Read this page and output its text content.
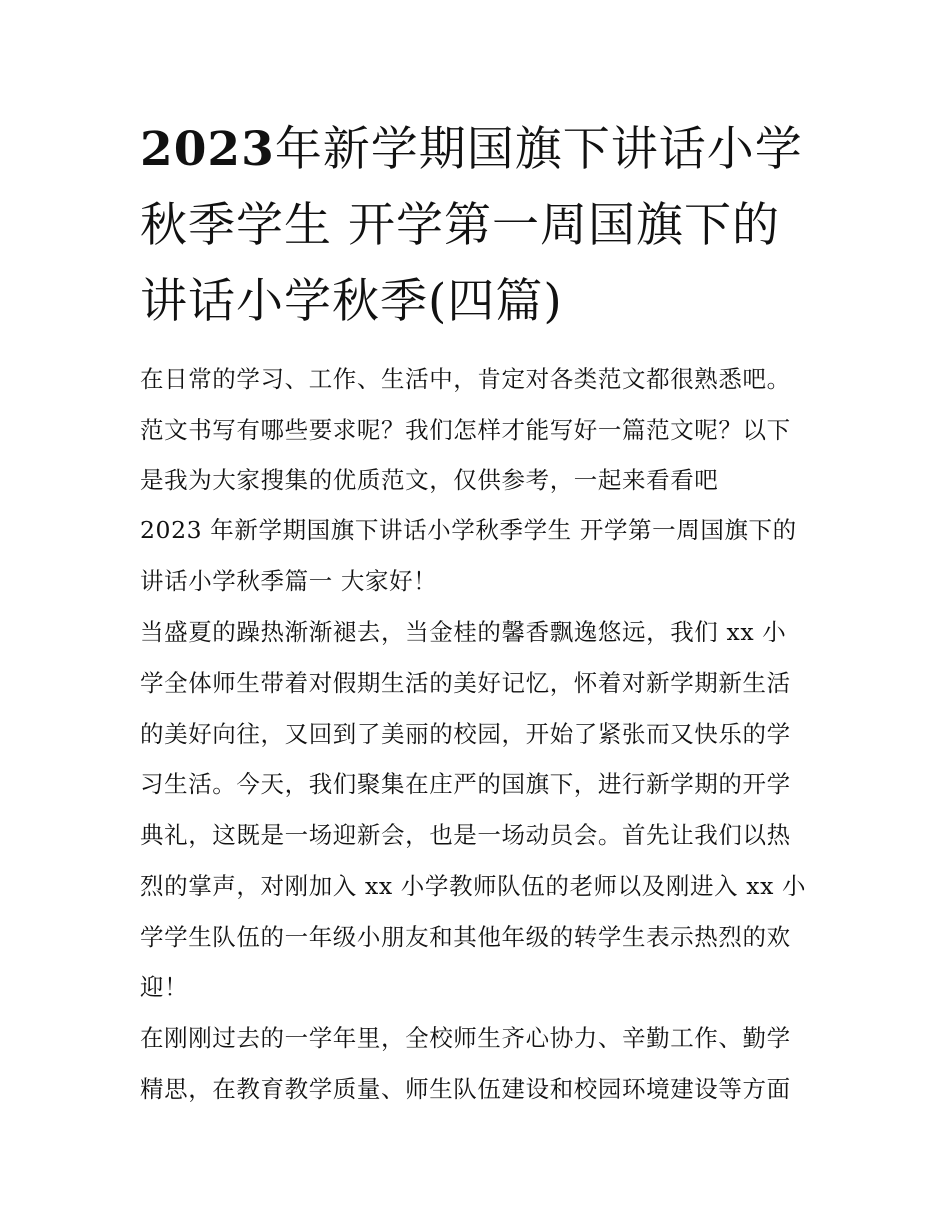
2023年新学期国旗下讲话小学秋季学生 开学第一周国旗下的讲话小学秋季(四篇)

在日常的学习、工作、生活中，肯定对各类范文都很熟悉吧。

范文书写有哪些要求呢？我们怎样才能写好一篇范文呢？以下

是我为大家搜集的优质范文，仅供参考，一起来看看吧

2023 年新学期国旗下讲话小学秋季学生 开学第一周国旗下的

讲话小学秋季篇一 大家好！

当盛夏的躁热渐渐褪去，当金桂的馨香飘逸悠远，我们 xx 小

学全体师生带着对假期生活的美好记忆，怀着对新学期新生活

的美好向往，又回到了美丽的校园，开始了紧张而又快乐的学

习生活。今天，我们聚集在庄严的国旗下，进行新学期的开学

典礼，这既是一场迎新会，也是一场动员会。首先让我们以热

烈的掌声，对刚加入 xx 小学教师队伍的老师以及刚进入 xx 小

学学生队伍的一年级小朋友和其他年级的转学生表示热烈的欢

迎！

在刚刚过去的一学年里，全校师生齐心协力、辛勤工作、勤学

精思，在教育教学质量、师生队伍建设和校园环境建设等方面
